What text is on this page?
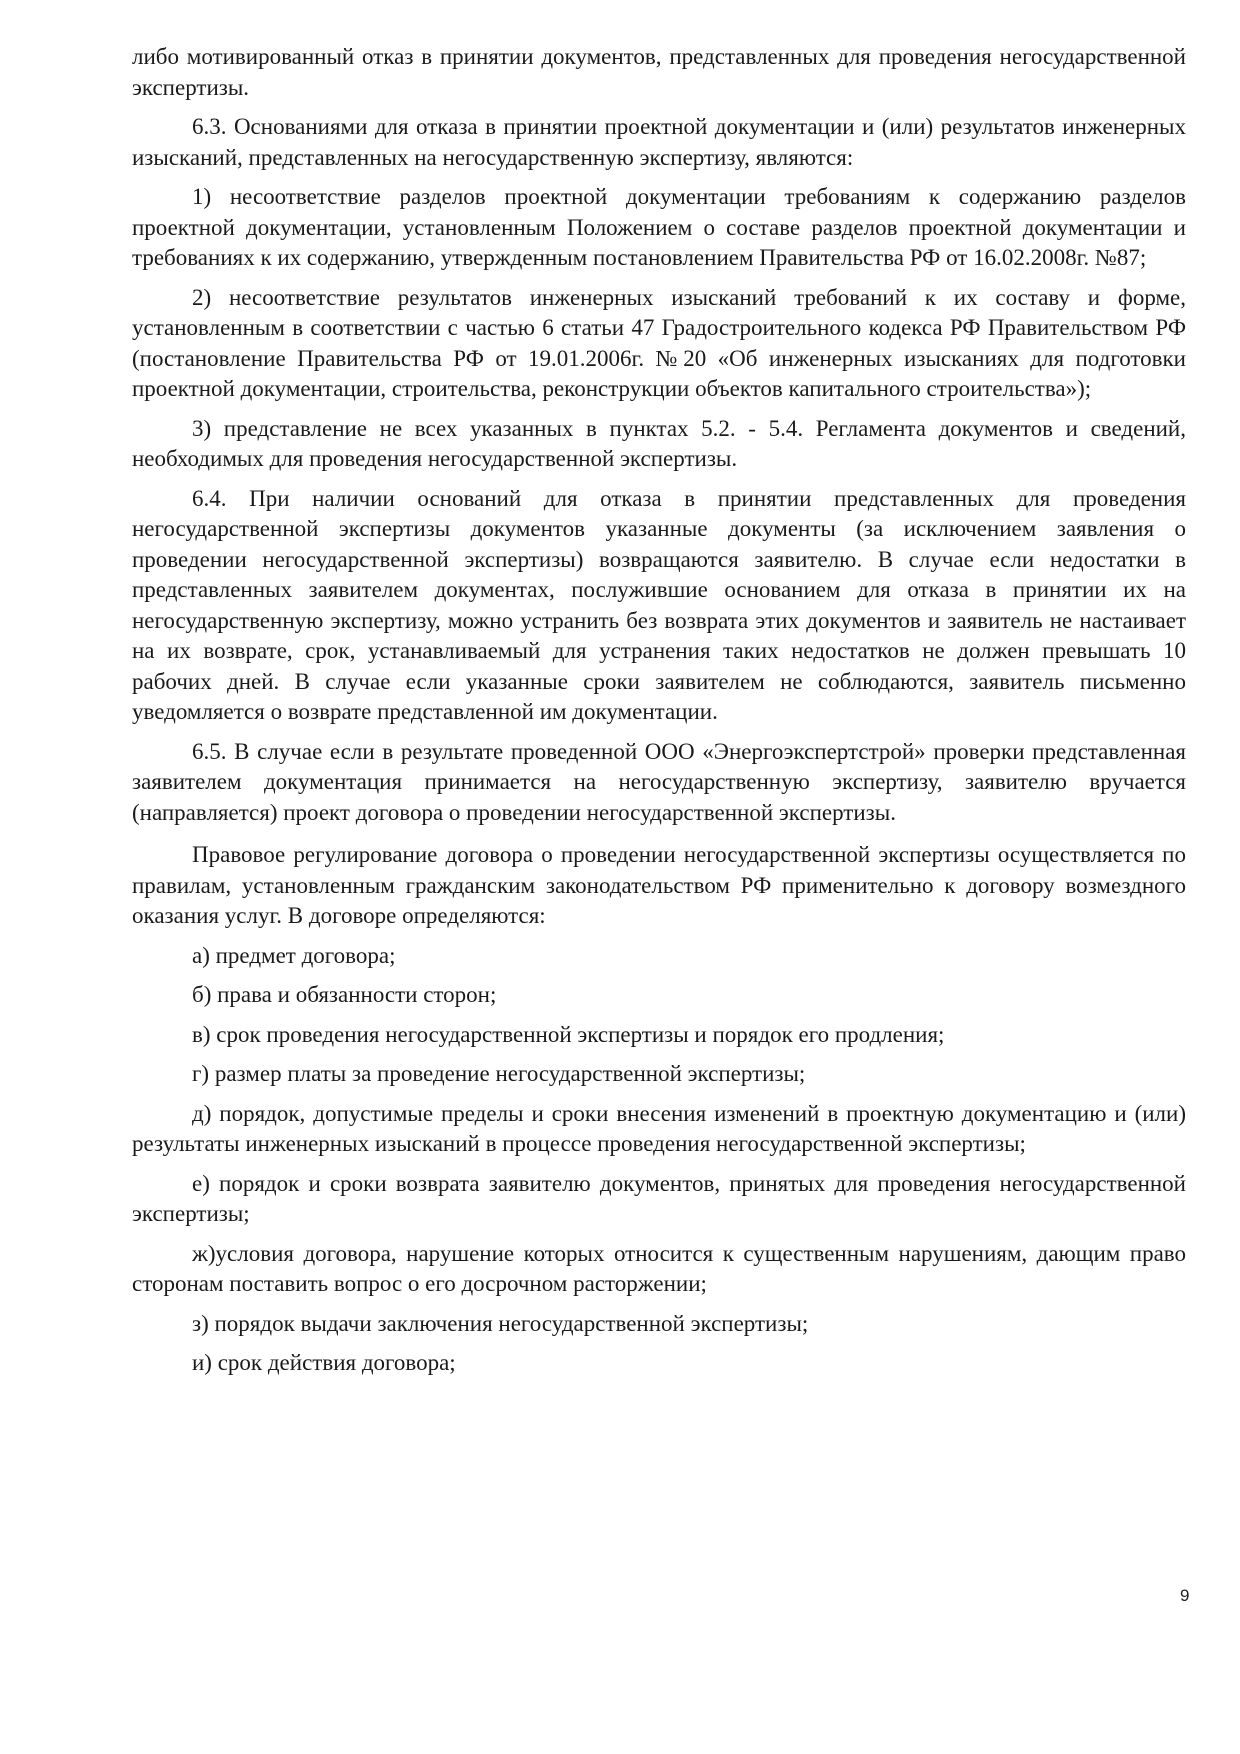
либо мотивированный отказ в принятии документов, представленных для проведения негосударственной экспертизы.

6.3. Основаниями для отказа в принятии проектной документации и (или) результатов инженерных изысканий, представленных на негосударственную экспертизу, являются:

1) несоответствие разделов проектной документации требованиям к содержанию разделов проектной документации, установленным Положением о составе разделов проектной документации и требованиях к их содержанию, утвержденным постановлением Правительства РФ от 16.02.2008г. №87;

2) несоответствие результатов инженерных изысканий требований к их составу и форме, установленным в соответствии с частью 6 статьи 47 Градостроительного кодекса РФ Правительством РФ (постановление Правительства РФ от 19.01.2006г. №20 «Об инженерных изысканиях для подготовки проектной документации, строительства, реконструкции объектов капитального строительства»);

3) представление не всех указанных в пунктах 5.2. - 5.4. Регламента документов и сведений, необходимых для проведения негосударственной экспертизы.

6.4. При наличии оснований для отказа в принятии представленных для проведения негосударственной экспертизы документов указанные документы (за исключением заявления о проведении негосударственной экспертизы) возвращаются заявителю. В случае если недостатки в представленных заявителем документах, послужившие основанием для отказа в принятии их на негосударственную экспертизу, можно устранить без возврата этих документов и заявитель не настаивает на их возврате, срок, устанавливаемый для устранения таких недостатков не должен превышать 10 рабочих дней. В случае если указанные сроки заявителем не соблюдаются, заявитель письменно уведомляется о возврате представленной им документации.

6.5. В случае если в результате проведенной ООО «Энергоэкспертстрой» проверки представленная заявителем документация принимается на негосударственную экспертизу, заявителю вручается (направляется) проект договора о проведении негосударственной экспертизы.

Правовое регулирование договора о проведении негосударственной экспертизы осуществляется по правилам, установленным гражданским законодательством РФ применительно к договору возмездного оказания услуг. В договоре определяются:

а) предмет договора;

б) права и обязанности сторон;

в) срок проведения негосударственной экспертизы и порядок его продления;

г) размер платы за проведение негосударственной экспертизы;

д) порядок, допустимые пределы и сроки внесения изменений в проектную документацию и (или) результаты инженерных изысканий в процессе проведения негосударственной экспертизы;

е) порядок и сроки возврата заявителю документов, принятых для проведения негосударственной экспертизы;

ж)условия договора, нарушение которых относится к существенным нарушениям, дающим право сторонам поставить вопрос о его досрочном расторжении;

з) порядок выдачи заключения негосударственной экспертизы;

и) срок действия договора;

9
